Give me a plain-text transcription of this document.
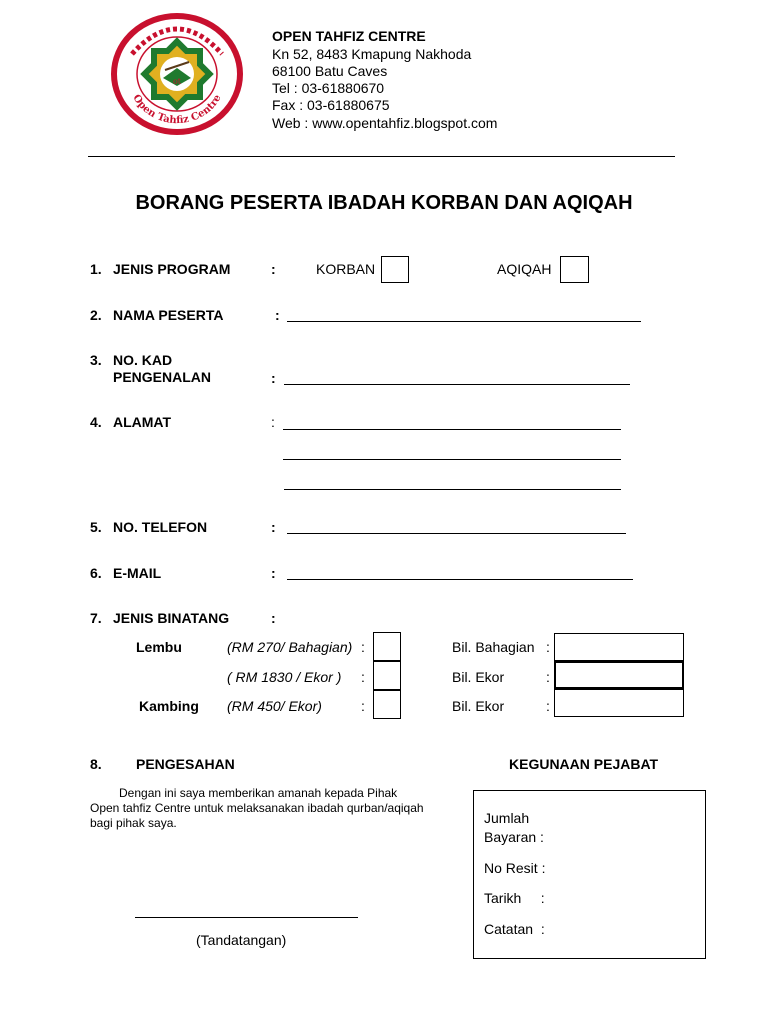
ot
Open Tahfiz Centre
OPEN TAHFIZ CENTRE
Kn 52, 8483 Kmapung Nakhoda
68100 Batu Caves
Tel : 03-61880670
Fax : 03-61880675
Web : www.opentahfiz.blogspot.com
BORANG PESERTA IBADAH KORBAN DAN AQIQAH
1. JENIS PROGRAM	:	KORBAN	AQIQAH
2. NAMA PESERTA	:
3. NO. KAD
PENGENALAN	:
4. ALAMAT	:
5. NO. TELEFON	:
6. E-MAIL	:
7. JENIS BINATANG	:
Lembu	(RM 270/ Bahagian) :	Bil. Bahagian :
( RM 1830 / Ekor ) :	Bil. Ekor	:
Kambing (RM 450/ Ekor)	:	Bil. Ekor	:
8. PENGESAHAN
Dengan ini saya memberikan amanah kepada Pihak
Open tahfiz Centre untuk melaksanakan ibadah qurban/aqiqah
bagi pihak saya.
(Tandatangan)
KEGUNAAN PEJABAT
Jumlah
Bayaran :
No Resit :
Tarikh     :
Catatan  :
